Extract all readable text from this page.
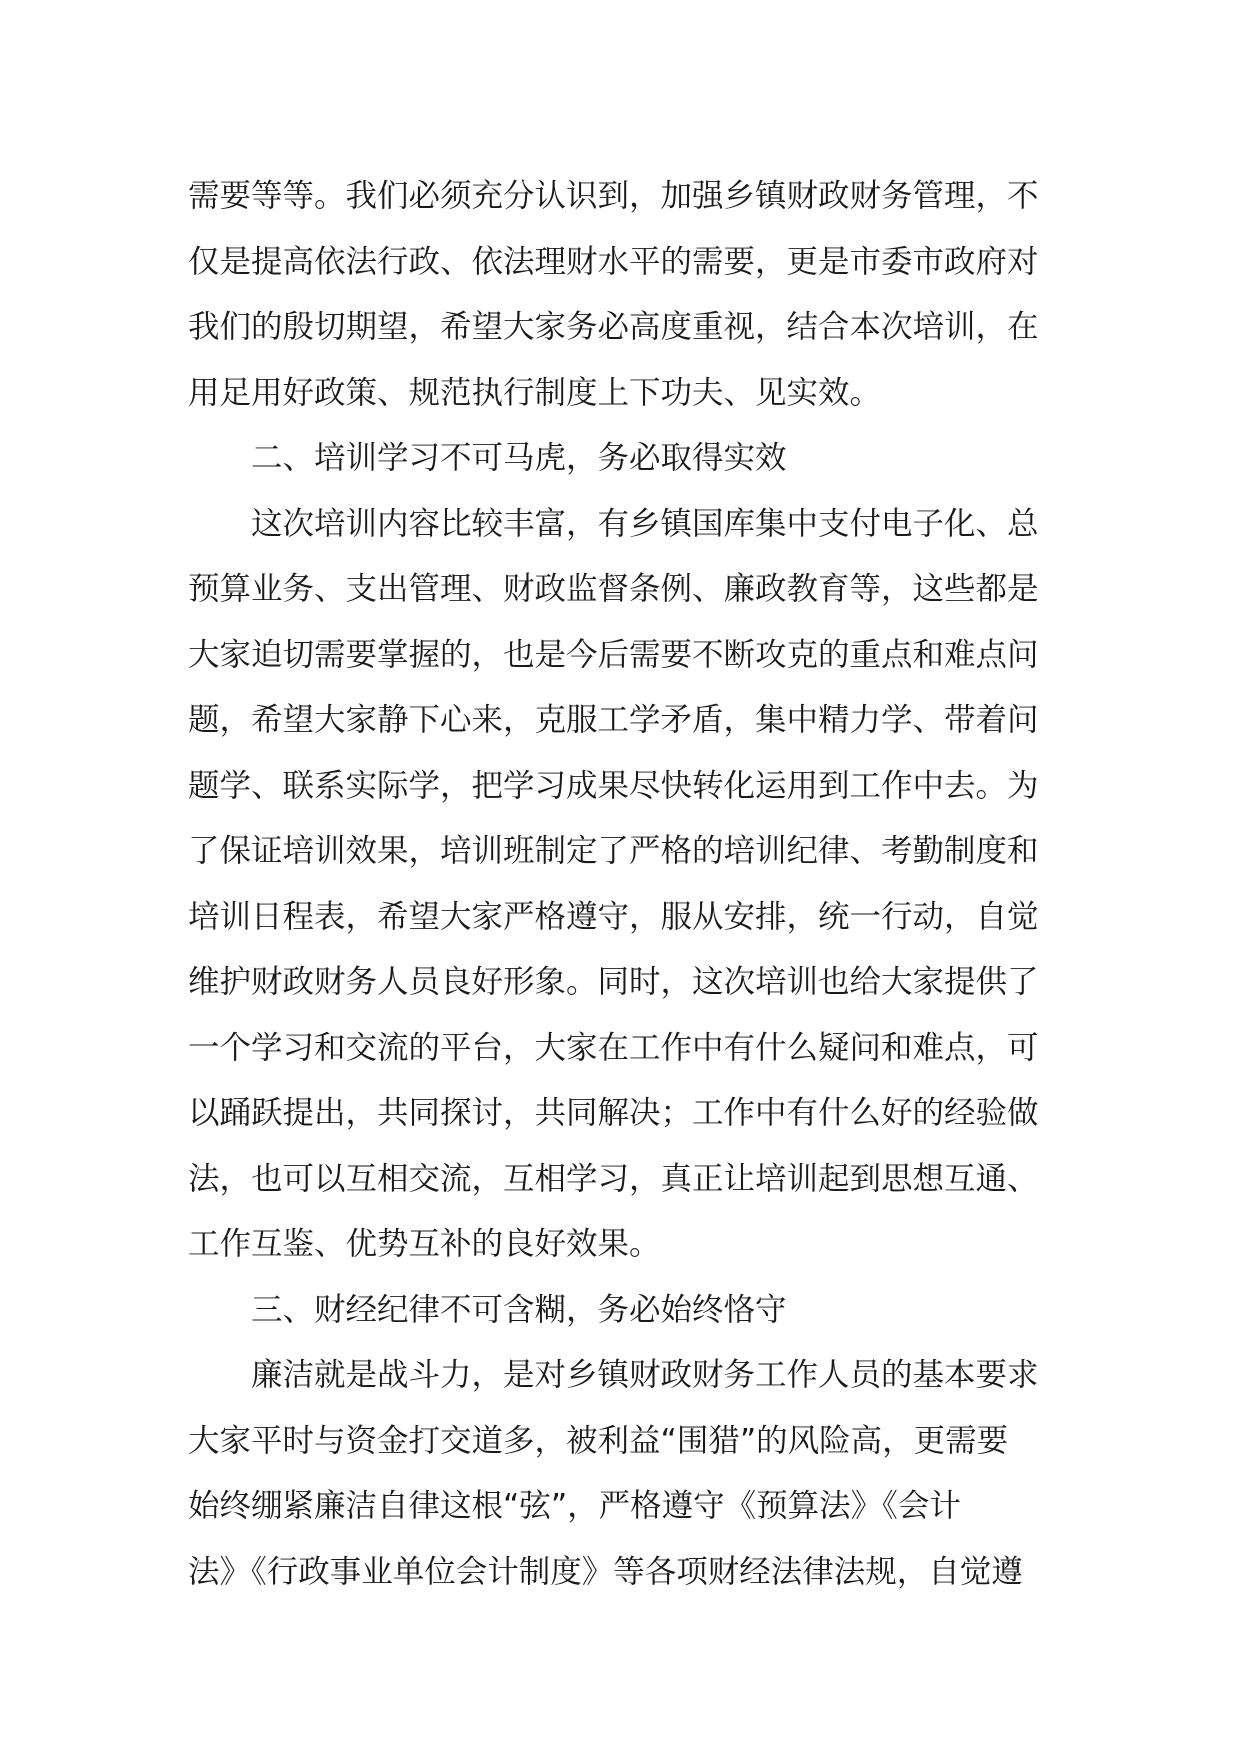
需要等等。我们必须充分认识到，加强乡镇财政财务管理，不
仅是提高依法行政、依法理财水平的需要，更是市委市政府对
我们的殷切期望，希望大家务必高度重视，结合本次培训，在
用足用好政策、规范执行制度上下功夫、见实效。
二、培训学习不可马虎，务必取得实效
这次培训内容比较丰富，有乡镇国库集中支付电子化、总
预算业务、支出管理、财政监督条例、廉政教育等，这些都是
大家迫切需要掌握的，也是今后需要不断攻克的重点和难点问
题，希望大家静下心来，克服工学矛盾，集中精力学、带着问
题学、联系实际学，把学习成果尽快转化运用到工作中去。为
了保证培训效果，培训班制定了严格的培训纪律、考勤制度和
培训日程表，希望大家严格遵守，服从安排，统一行动，自觉
维护财政财务人员良好形象。同时，这次培训也给大家提供了
一个学习和交流的平台，大家在工作中有什么疑问和难点，可
以踊跃提出，共同探讨，共同解决；工作中有什么好的经验做
法，也可以互相交流，互相学习，真正让培训起到思想互通、
工作互鉴、优势互补的良好效果。
三、财经纪律不可含糊，务必始终恪守
廉洁就是战斗力，是对乡镇财政财务工作人员的基本要求
大家平时与资金打交道多，被利益“围猎”的风险高，更需要
始终绷紧廉洁自律这根“弦”，严格遵守《预算法》《会计
法》《行政事业单位会计制度》等各项财经法律法规，自觉遵
